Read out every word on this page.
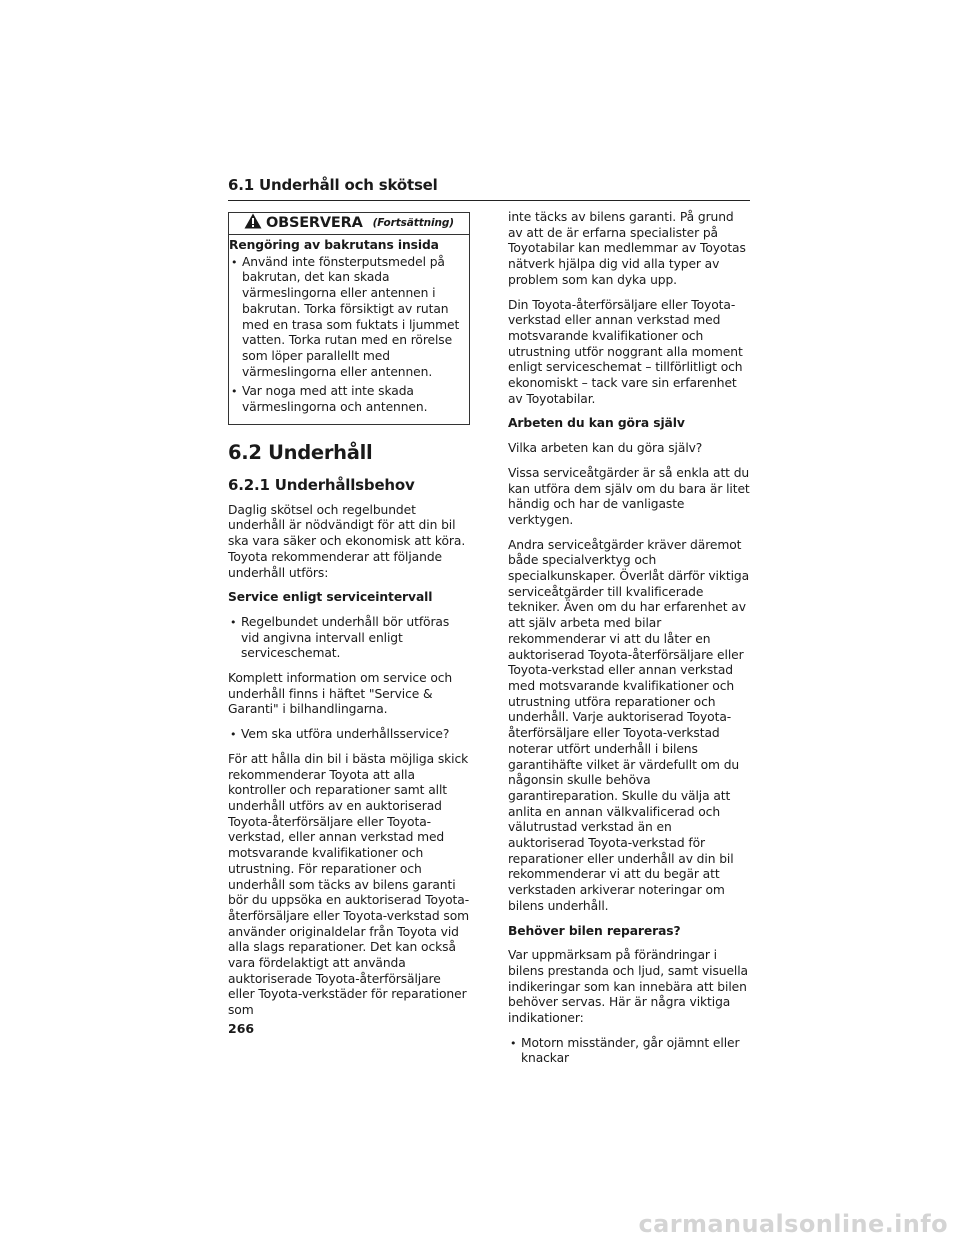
6.1 Underhåll och skötsel
OBSERVERA (Fortsättning)

Rengöring av bakrutans insida

• Använd inte fönsterputsmedel på bakrutan, det kan skada värmeslingorna eller antennen i bakrutan. Torka försiktigt av rutan med en trasa som fuktats i ljummet vatten. Torka rutan med en rörelse som löper parallellt med värmeslingorna eller antennen.
• Var noga med att inte skada värmeslingorna och antennen.
6.2 Underhåll
6.2.1 Underhållsbehov

Daglig skötsel och regelbundet underhåll är nödvändigt för att din bil ska vara säker och ekonomisk att köra. Toyota rekommenderar att följande underhåll utförs:

Service enligt serviceintervall

• Regelbundet underhåll bör utföras vid angivna intervall enligt serviceschemat.

Komplett information om service och underhåll finns i häftet "Service & Garanti" i bilhandlingarna.

• Vem ska utföra underhållsservice?

För att hålla din bil i bästa möjliga skick rekommenderar Toyota att alla kontroller och reparationer samt allt underhåll utförs av en auktoriserad Toyota-återförsäljare eller Toyota-verkstad, eller annan verkstad med motsvarande kvalifikationer och utrustning. För reparationer och underhåll som täcks av bilens garanti bör du uppsöka en auktoriserad Toyota-återförsäljare eller Toyota-verkstad som använder originaldelar från Toyota vid alla slags reparationer. Det kan också vara fördelaktigt att använda auktoriserade Toyota-återförsäljare eller Toyota-verkstäder för reparationer som

inte täcks av bilens garanti. På grund av att de är erfarna specialister på Toyotabilar kan medlemmar av Toyotas nätverk hjälpa dig vid alla typer av problem som kan dyka upp.

Din Toyota-återförsäljare eller Toyota-verkstad eller annan verkstad med motsvarande kvalifikationer och utrustning utför noggrant alla moment enligt serviceschemat – tillförlitligt och ekonomiskt – tack vare sin erfarenhet av Toyotabilar.

Arbeten du kan göra själv

Vilka arbeten kan du göra själv?

Vissa serviceåtgärder är så enkla att du kan utföra dem själv om du bara är litet händig och har de vanligaste verktygen.

Andra serviceåtgärder kräver däremot både specialverktyg och specialkunskaper. Överlåt därför viktiga serviceåtgärder till kvalificerade tekniker. Även om du har erfarenhet av att själv arbeta med bilar rekommenderar vi att du låter en auktoriserad Toyota-återförsäljare eller Toyota-verkstad eller annan verkstad med motsvarande kvalifikationer och utrustning utföra reparationer och underhåll. Varje auktoriserad Toyota-återförsäljare eller Toyota-verkstad noterar utfört underhåll i bilens garantihäfte vilket är värdefullt om du någonsin skulle behöva garantireparation. Skulle du välja att anlita en annan välkvalificerad och välutrustad verkstad än en auktoriserad Toyota-verkstad för reparationer eller underhåll av din bil rekommenderar vi att du begär att verkstaden arkiverar noteringar om bilens underhåll.

Behöver bilen repareras?

Var uppmärksam på förändringar i bilens prestanda och ljud, samt visuella indikeringar som kan innebära att bilen behöver servas. Här är några viktiga indikationer:

• Motorn misständer, går ojämnt eller knackar
266
carmanualsonline.info
